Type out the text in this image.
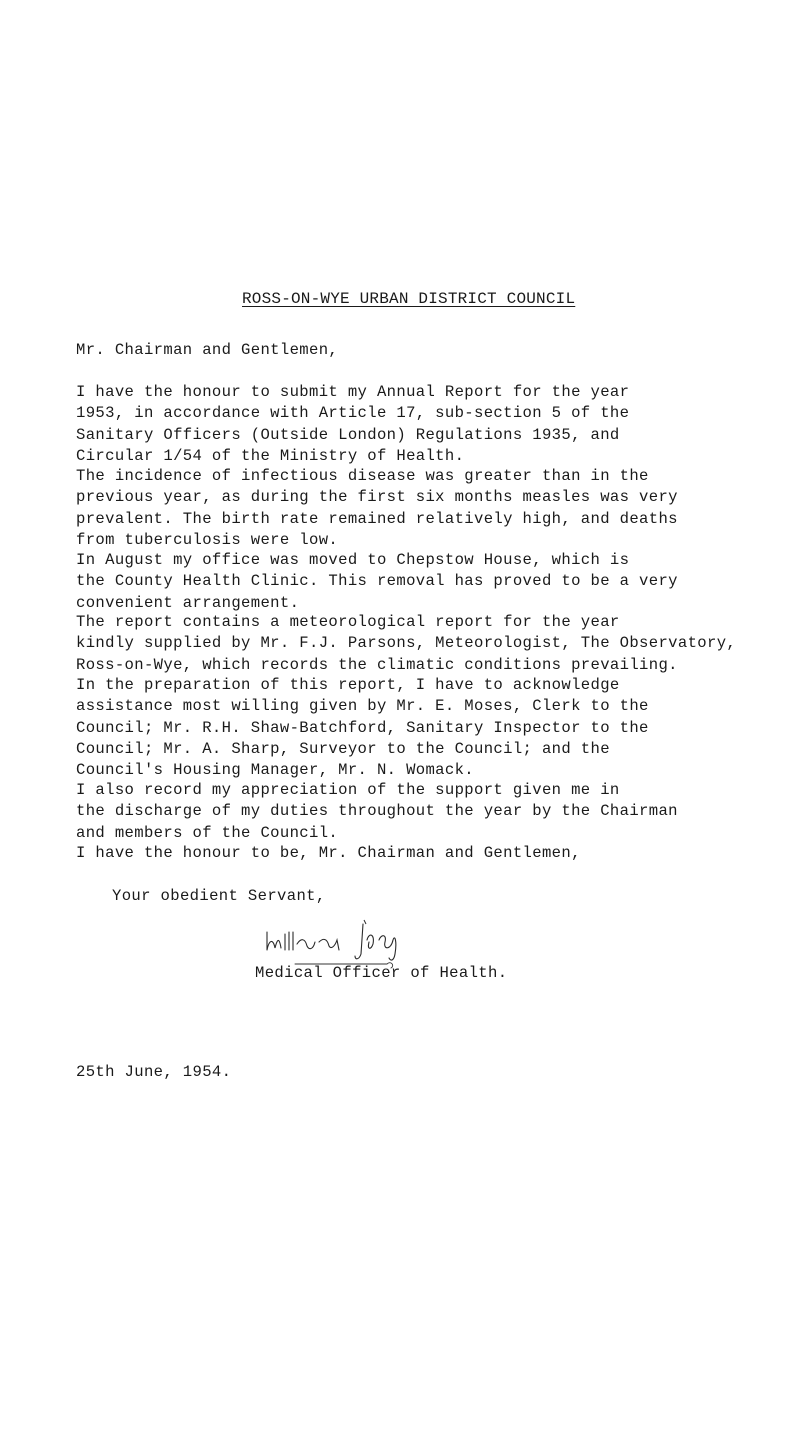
ROSS-ON-WYE URBAN DISTRICT COUNCIL
Mr. Chairman and Gentlemen,
I have the honour to submit my Annual Report for the year
1953, in accordance with Article 17, sub-section 5 of the
Sanitary Officers (Outside London) Regulations 1935, and
Circular 1/54 of the Ministry of Health.
The incidence of infectious disease was greater than in the
previous year, as during the first six months measles was very
prevalent. The birth rate remained relatively high, and deaths
from tuberculosis were low.
In August my office was moved to Chepstow House, which is
the County Health Clinic. This removal has proved to be a very
convenient arrangement.
The report contains a meteorological report for the year
kindly supplied by Mr. F.J. Parsons, Meteorologist, The Observatory,
Ross-on-Wye, which records the climatic conditions prevailing.
In the preparation of this report, I have to acknowledge
assistance most willing given by Mr. E. Moses, Clerk to the
Council; Mr. R.H. Shaw-Batchford, Sanitary Inspector to the
Council; Mr. A. Sharp, Surveyor to the Council; and the
Council's Housing Manager, Mr. N. Womack.
I also record my appreciation of the support given me in
the discharge of my duties throughout the year by the Chairman
and members of the Council.
I have the honour to be, Mr. Chairman and Gentlemen,
Your obedient Servant,
Medical Officer of Health.
25th June, 1954.
